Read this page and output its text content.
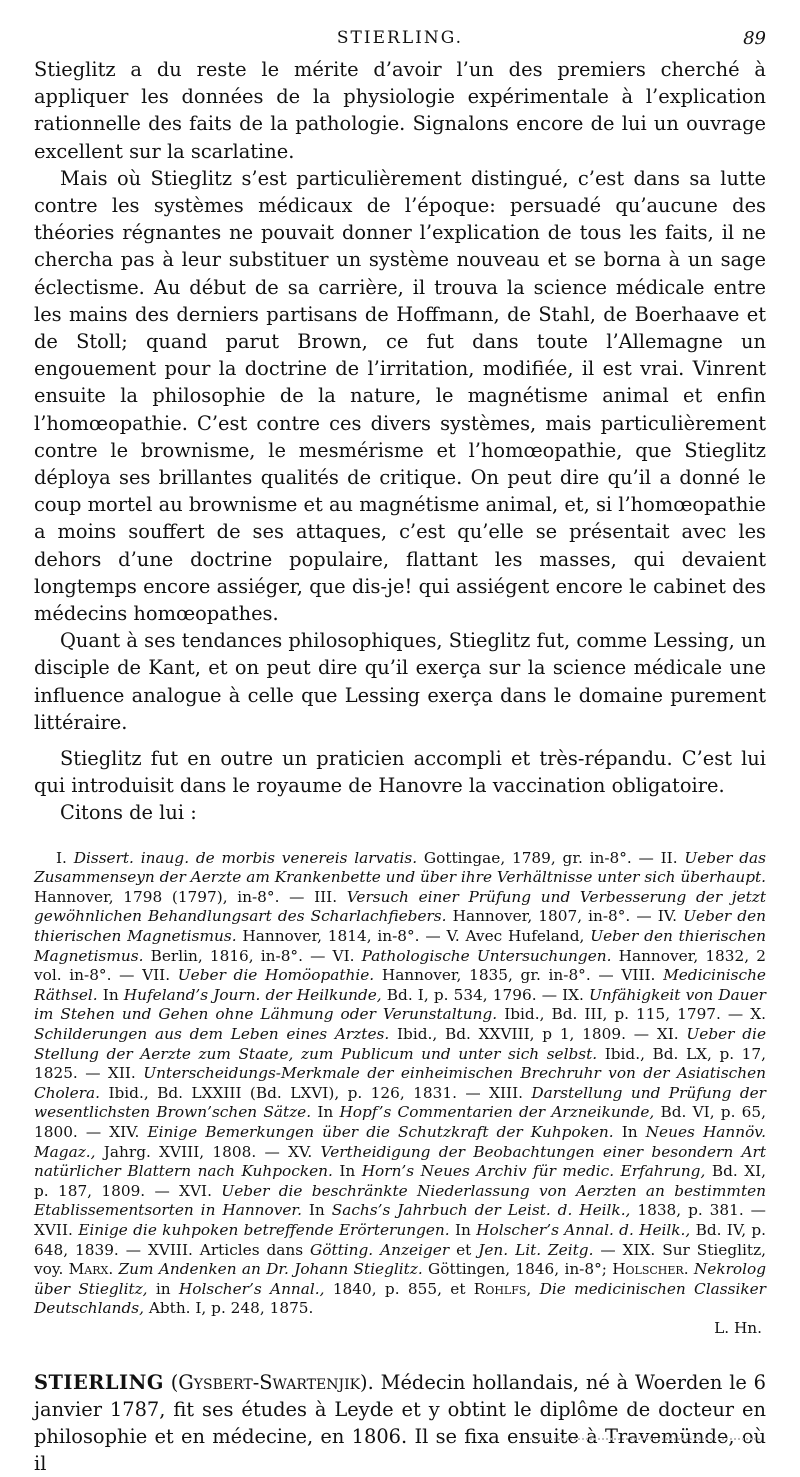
STIERLING.	89

Stieglitz a du reste le mérite d’avoir l’un des premiers cherché à appliquer les données de la physiologie expérimentale à l’explication rationnelle des faits de la pathologie. Signalons encore de lui un ouvrage excellent sur la scarlatine.

Mais où Stieglitz s’est particulièrement distingué, c’est dans sa lutte contre les systèmes médicaux de l’époque: persuadé qu’aucune des théories régnantes ne pouvait donner l’explication de tous les faits, il ne chercha pas à leur substituer un système nouveau et se borna à un sage éclectisme. Au début de sa carrière, il trouva la science médicale entre les mains des derniers partisans de Hoffmann, de Stahl, de Boerhaave et de Stoll; quand parut Brown, ce fut dans toute l’Allemagne un engouement pour la doctrine de l’irritation, modifiée, il est vrai. Vinrent ensuite la philosophie de la nature, le magnétisme animal et enfin l’homœopathie. C’est contre ces divers systèmes, mais particulièrement contre le brownisme, le mesmérisme et l’homœopathie, que Stieglitz déploya ses brillantes qualités de critique. On peut dire qu’il a donné le coup mortel au brownisme et au magnétisme animal, et, si l’homœopathie a moins souffert de ses attaques, c’est qu’elle se présentait avec les dehors d’une doctrine populaire, flattant les masses, qui devaient longtemps encore assiéger, que dis-je! qui assiégent encore le cabinet des médecins homœopathes.

Quant à ses tendances philosophiques, Stieglitz fut, comme Lessing, un disciple de Kant, et on peut dire qu’il exerça sur la science médicale une influence analogue à celle que Lessing exerça dans le domaine purement littéraire.

Stieglitz fut en outre un praticien accompli et très-répandu. C’est lui qui introduisit dans le royaume de Hanovre la vaccination obligatoire.

Citons de lui :

I. Dissert. inaug. de morbis venereis larvatis. Gottingae, 1789, gr. in-8°. — II. Ueber das Zusammenseyn der Aerzte am Krankenbette und über ihre Verhältnisse unter sich überhaupt. Hannover, 1798 (1797), in-8°. — III. Versuch einer Prüfung und Verbesserung der jetzt gewöhnlichen Behandlungsart des Scharlachfiebers. Hannover, 1807, in-8°. — IV. Ueber den thierischen Magnetismus. Hannover, 1814, in-8°. — V. Avec Hufeland, Ueber den thierischen Magnetismus. Berlin, 1816, in-8°. — VI. Pathologische Untersuchungen. Hannover, 1832, 2 vol. in-8°. — VII. Ueber die Homöopathie. Hannover, 1835, gr. in-8°. — VIII. Medicinische Räthsel. In Hufeland’s Journ. der Heilkunde, Bd. I, p. 534, 1796. — IX. Unfähigkeit von Dauer im Stehen und Gehen ohne Lähmung oder Verunstaltung. Ibid., Bd. III, p. 115, 1797. — X. Schilderungen aus dem Leben eines Arztes. Ibid., Bd. XXVIII, p 1, 1809. — XI. Ueber die Stellung der Aerzte zum Staate, zum Publicum und unter sich selbst. Ibid., Bd. LX, p. 17, 1825. — XII. Unterscheidungs-Merkmale der einheimischen Brechruhr von der Asiatischen Cholera. Ibid., Bd. LXXIII (Bd. LXVI), p. 126, 1831. — XIII. Darstellung und Prüfung der wesentlichsten Brown’schen Sätze. In Hopf’s Commentarien der Arzneikunde, Bd. VI, p. 65, 1800. — XIV. Einige Bemerkungen über die Schutzkraft der Kuhpoken. In Neues Hannöv. Magaz., Jahrg. XVIII, 1808. — XV. Vertheidigung der Beobachtungen einer besondern Art natürlicher Blattern nach Kuhpocken. In Horn’s Neues Archiv für medic. Erfahrung, Bd. XI, p. 187, 1809. — XVI. Ueber die beschränkte Niederlassung von Aerzten an bestimmten Etablissementsorten in Hannover. In Sachs’s Jahrbuch der Leist. d. Heilk., 1838, p. 381. — XVII. Einige die kuhpoken betreffende Erörterungen. In Holscher’s Annal. d. Heilk., Bd. IV, p. 648, 1839. — XVIII. Articles dans Götting. Anzeiger et Jen. Lit. Zeitg. — XIX. Sur Stieglitz, voy. Marx. Zum Andenken an Dr. Johann Stieglitz. Göttingen, 1846, in-8°; Holscher. Nekrolog über Stieglitz, in Holscher’s Annal., 1840, p. 855, et Rohlfs, Die medicinischen Classiker Deutschlands, Abth. I, p. 248, 1875.
L. Hn.
STIERLING (Gysbert-Swartenjik). Médecin hollandais, né à Woerden le 6 janvier 1787, fit ses études à Leyde et y obtint le diplôme de docteur en philosophie et en médecine, en 1806. Il se fixa ensuite à Travemünde, où il
